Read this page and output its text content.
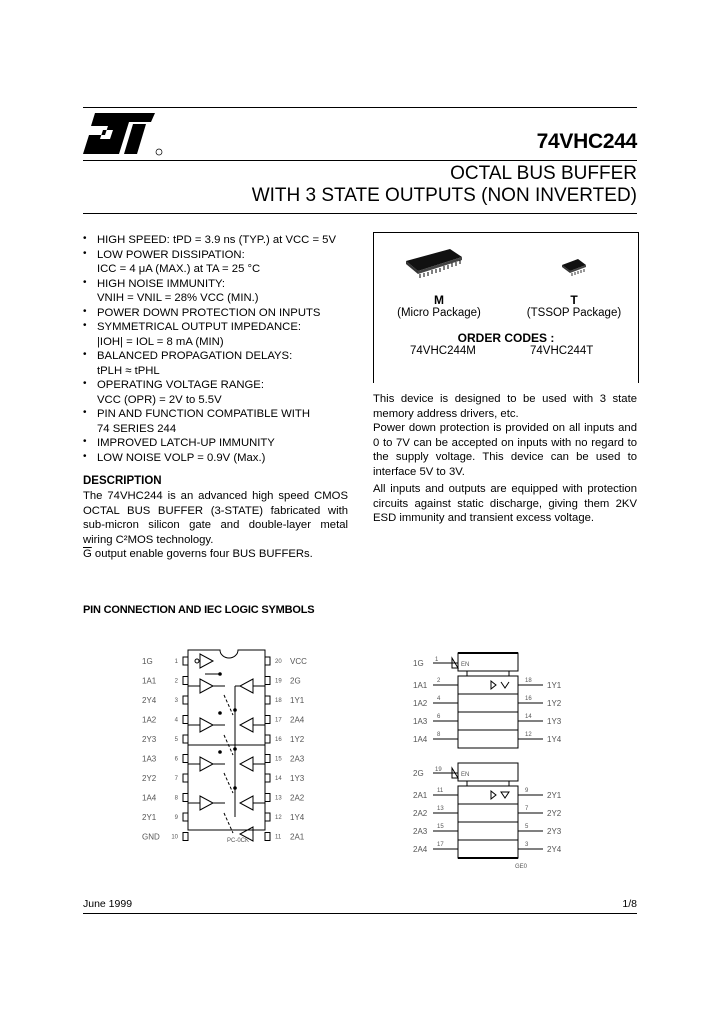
74VHC244
OCTAL BUS BUFFER
WITH 3 STATE OUTPUTS (NON INVERTED)
• HIGH SPEED: tPD = 3.9 ns (TYP.) at VCC = 5V
• LOW POWER DISSIPATION:
ICC = 4 μA (MAX.) at TA = 25 °C
• HIGH NOISE IMMUNITY:
VNIH = VNIL = 28% VCC (MIN.)
• POWER DOWN PROTECTION ON INPUTS
• SYMMETRICAL OUTPUT IMPEDANCE:
|IOH| = IOL = 8 mA (MIN)
• BALANCED PROPAGATION DELAYS:
tPLH ≈ tPHL
• OPERATING VOLTAGE RANGE:
VCC (OPR) = 2V to 5.5V
• PIN AND FUNCTION COMPATIBLE WITH
74 SERIES 244
• IMPROVED LATCH-UP IMMUNITY
• LOW NOISE VOLP = 0.9V (Max.)
DESCRIPTION

The 74VHC244 is an advanced high speed CMOS OCTAL BUS BUFFER (3-STATE) fabricated with sub-micron silicon gate and double-layer metal wiring C²MOS technology.

$\overline{G}$ output enable governs four BUS BUFFERs.

M
(Micro Package)
T
(TSSOP Package)
ORDER CODES :
74VHC244M	74VHC244T

This device is designed to be used with 3 state memory address drivers, etc.

Power down protection is provided on all inputs and 0 to 7V can be accepted on inputs with no regard to the supply voltage. This device can be used to interface 5V to 3V.

All inputs and outputs are equipped with protection circuits against static discharge, giving them 2KV ESD immunity and transient excess voltage.

PIN CONNECTION AND IEC LOGIC SYMBOLS
1
1G
2
1A1
3
2Y4
4
1A2
5
2Y3
6
1A3
7
2Y2
8
1A4
9
2Y1
10
GND
20 VCC
19 2G
18 1Y1
17 2A4
16 1Y2
15 2A3
14 1Y3
13 2A2
12 1Y4
11 2A1
PC-0CK
EN
1G 1
1A1 2
1A2 4
1A3 6
1A4 8
1Y1
18
1Y2
16
1Y3
14
1Y4
12
EN
2G 19
GE0
2A1 11
2A2 13
2A3 15
2A4 17
2Y1
9
2Y2
7
2Y3
5
2Y4
3
June 1999	1/8
